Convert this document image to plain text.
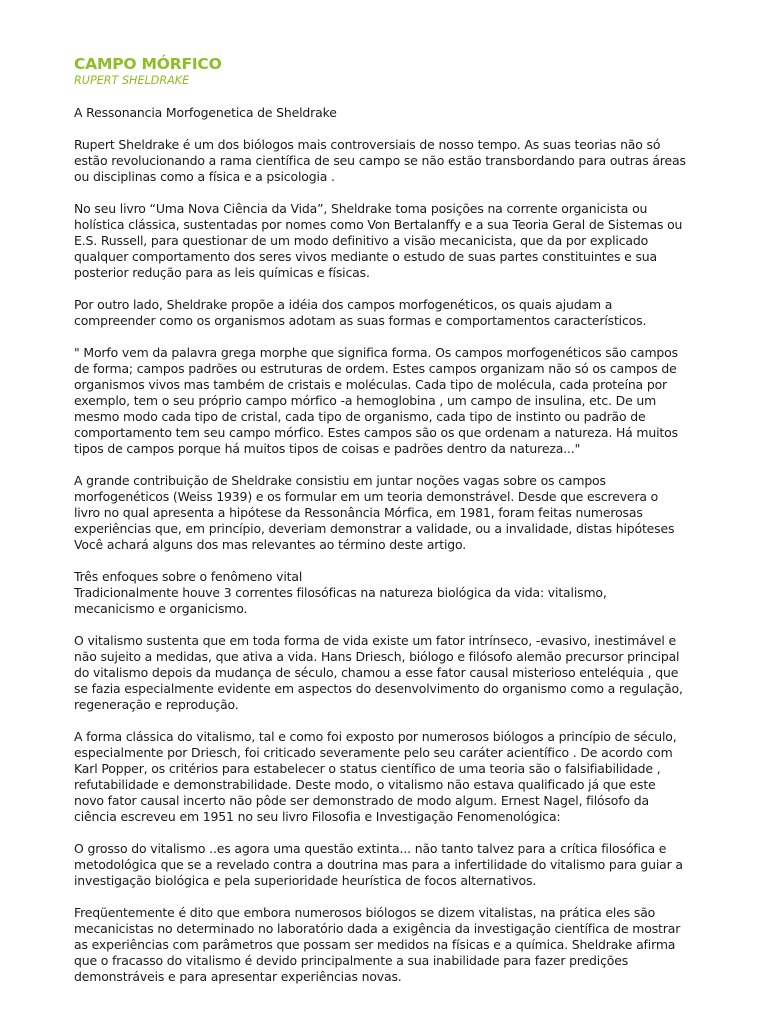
CAMPO MÓRFICO
RUPERT SHELDRAKE

A Ressonancia Morfogenetica de Sheldrake

Rupert Sheldrake é um dos biólogos mais controversiais de nosso tempo. As suas teorias não só
estão revolucionando a rama científica de seu campo se não estão transbordando para outras áreas
ou disciplinas como a física e a psicologia .

No seu livro “Uma Nova Ciência da Vida”, Sheldrake toma posições na corrente organicista ou
holística clássica, sustentadas por nomes como Von Bertalanffy e a sua Teoria Geral de Sistemas ou
E.S. Russell, para questionar de um modo definitivo a visão mecanicista, que da por explicado
qualquer comportamento dos seres vivos mediante o estudo de suas partes constituintes e sua
posterior redução para as leis químicas e físicas.

Por outro lado, Sheldrake propõe a idéia dos campos morfogenéticos, os quais ajudam a
compreender como os organismos adotam as suas formas e comportamentos característicos.

" Morfo vem da palavra grega morphe que significa forma. Os campos morfogenéticos são campos
de forma; campos padrões ou estruturas de ordem. Estes campos organizam não só os campos de
organismos vivos mas também de cristais e moléculas. Cada tipo de molécula, cada proteína por
exemplo, tem o seu próprio campo mórfico -a hemoglobina , um campo de insulina, etc. De um
mesmo modo cada tipo de cristal, cada tipo de organismo, cada tipo de instinto ou padrão de
comportamento tem seu campo mórfico. Estes campos são os que ordenam a natureza. Há muitos
tipos de campos porque há muitos tipos de coisas e padrões dentro da natureza..."

A grande contribuição de Sheldrake consistiu em juntar noções vagas sobre os campos
morfogenéticos (Weiss 1939) e os formular em um teoria demonstrável. Desde que escrevera o
livro no qual apresenta a hipótese da Ressonância Mórfica, em 1981, foram feitas numerosas
experiências que, em princípio, deveriam demonstrar a validade, ou a invalidade, distas hipóteses
Você achará alguns dos mas relevantes ao término deste artigo.

Três enfoques sobre o fenômeno vital
Tradicionalmente houve 3 correntes filosóficas na natureza biológica da vida: vitalismo,
mecanicismo e organicismo.

O vitalismo sustenta que em toda forma de vida existe um fator intrínseco, -evasivo, inestimável e
não sujeito a medidas, que ativa a vida. Hans Driesch, biólogo e filósofo alemão precursor principal
do vitalismo depois da mudança de século, chamou a esse fator causal misterioso enteléquia , que
se fazia especialmente evidente em aspectos do desenvolvimento do organismo como a regulação,
regeneração e reprodução.

A forma clássica do vitalismo, tal e como foi exposto por numerosos biólogos a princípio de século,
especialmente por Driesch, foi criticado severamente pelo seu caráter acientífico . De acordo com
Karl Popper, os critérios para estabelecer o status científico de uma teoria são o falsifiabilidade ,
refutabilidade e demonstrabilidade. Deste modo, o vitalismo não estava qualificado já que este
novo fator causal incerto não pôde ser demonstrado de modo algum. Ernest Nagel, filósofo da
ciência escreveu em 1951 no seu livro Filosofia e Investigação Fenomenológica:

O grosso do vitalismo ..es agora uma questão extinta... não tanto talvez para a crítica filosófica e
metodológica que se a revelado contra a doutrina mas para a infertilidade do vitalismo para guiar a
investigação biológica e pela superioridade heurística de focos alternativos.

Freqüentemente é dito que embora numerosos biólogos se dizem vitalistas, na prática eles são
mecanicistas no determinado no laboratório dada a exigência da investigação científica de mostrar
as experiências com parâmetros que possam ser medidos na físicas e a química. Sheldrake afirma
que o fracasso do vitalismo é devido principalmente a sua inabilidade para fazer predições
demonstráveis e para apresentar experiências novas.
